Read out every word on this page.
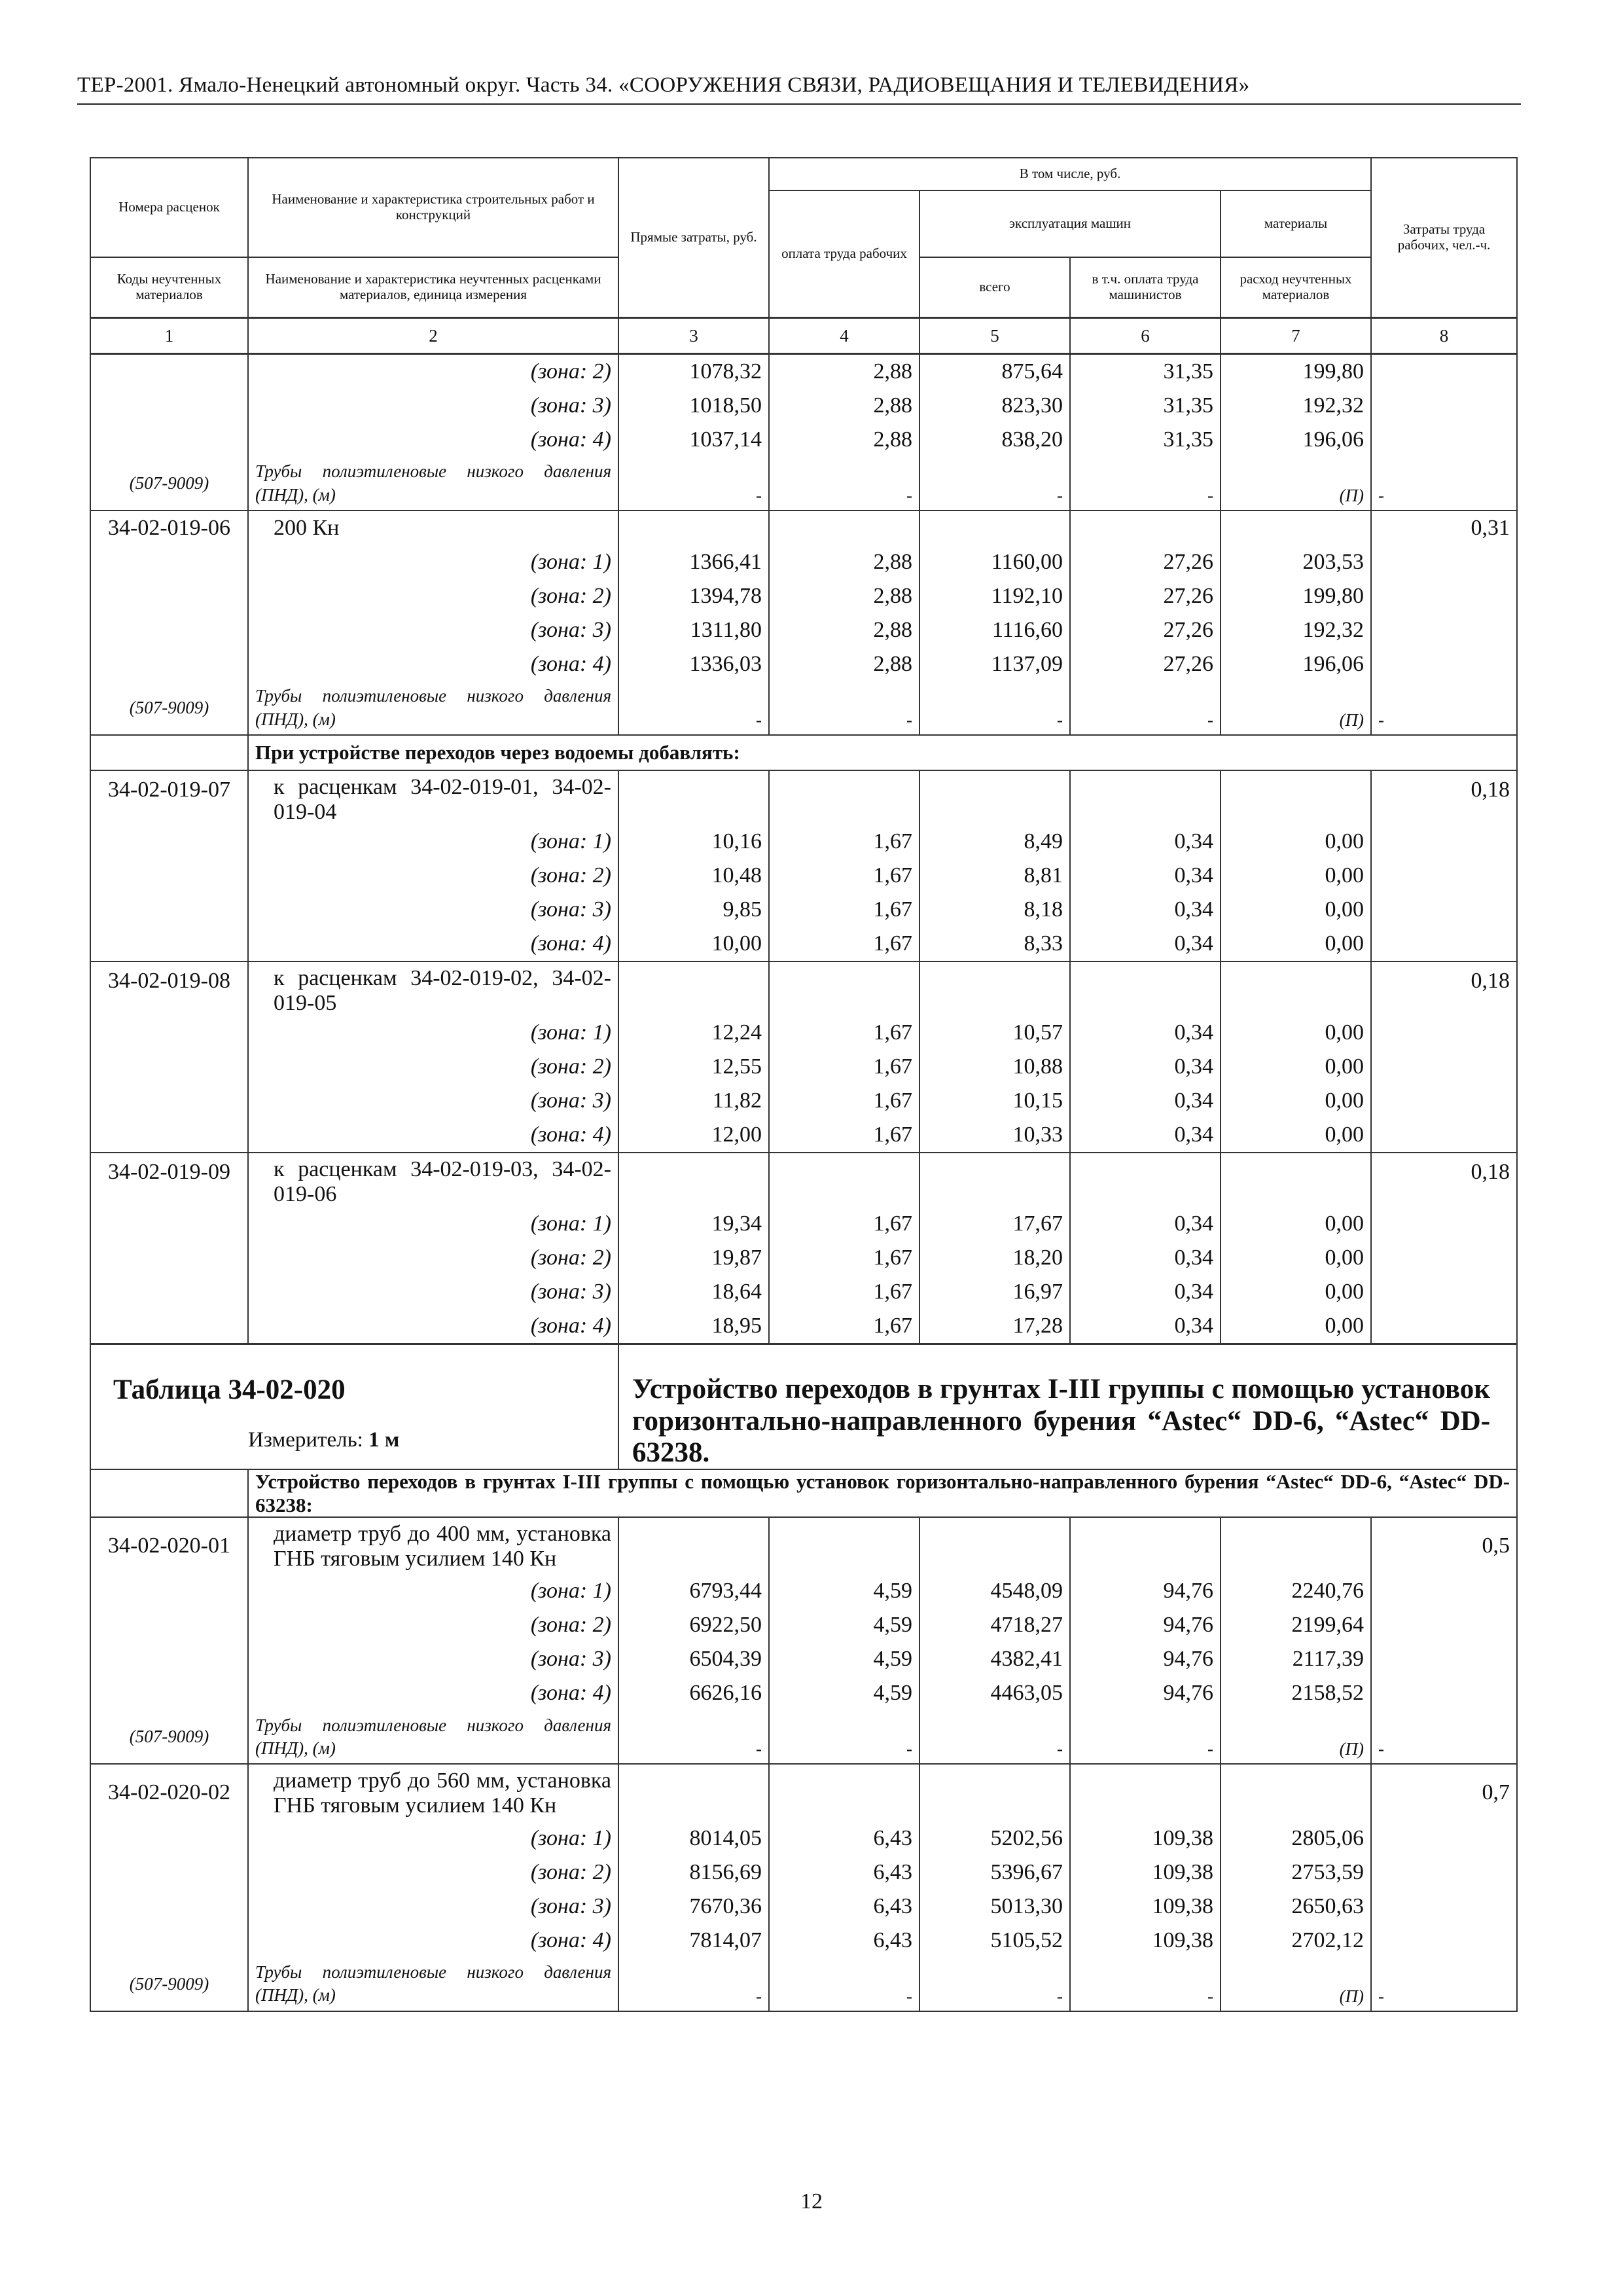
ТЕР-2001. Ямало-Ненецкий автономный округ. Часть 34. «СООРУЖЕНИЯ СВЯЗИ, РАДИОВЕЩАНИЯ И ТЕЛЕВИДЕНИЯ»
Номера расценок	Наименование и характеристика строительных работ и конструкций	Прямые затраты, руб.	В том числе, руб.				Затраты труда рабочих, чел.-ч.
			оплата труда рабочих	эксплуатация машин		материалы	
Коды неучтенных материалов	Наименование и характеристика неучтенных расценками материалов, единица измерения			всего	в т.ч. оплата труда машинистов	расход неучтенных материалов	
1	2	3	4	5	6	7	8
	(зона: 2)	1078,32	2,88	875,64	31,35	199,80	
	(зона: 3)	1018,50	2,88	823,30	31,35	192,32	
	(зона: 4)	1037,14	2,88	838,20	31,35	196,06	
(507-9009)	Трубы полиэтиленовые низкого давления (ПНД), (м)	-	-	-	-	(П)	-
34-02-019-06	200 Кн						0,31
	(зона: 1)	1366,41	2,88	1160,00	27,26	203,53	
	(зона: 2)	1394,78	2,88	1192,10	27,26	199,80	
	(зона: 3)	1311,80	2,88	1116,60	27,26	192,32	
	(зона: 4)	1336,03	2,88	1137,09	27,26	196,06	
(507-9009)	Трубы полиэтиленовые низкого давления (ПНД), (м)	-	-	-	-	(П)	-
	При устройстве переходов через водоемы добавлять:						
34-02-019-07	к расценкам 34-02-019-01, 34-02-019-04						0,18
	(зона: 1)	10,16	1,67	8,49	0,34	0,00	
	(зона: 2)	10,48	1,67	8,81	0,34	0,00	
	(зона: 3)	9,85	1,67	8,18	0,34	0,00	
	(зона: 4)	10,00	1,67	8,33	0,34	0,00	
34-02-019-08	к расценкам 34-02-019-02, 34-02-019-05						0,18
	(зона: 1)	12,24	1,67	10,57	0,34	0,00	
	(зона: 2)	12,55	1,67	10,88	0,34	0,00	
	(зона: 3)	11,82	1,67	10,15	0,34	0,00	
	(зона: 4)	12,00	1,67	10,33	0,34	0,00	
34-02-019-09	к расценкам 34-02-019-03, 34-02-019-06						0,18
	(зона: 1)	19,34	1,67	17,67	0,34	0,00	
	(зона: 2)	19,87	1,67	18,20	0,34	0,00	
	(зона: 3)	18,64	1,67	16,97	0,34	0,00	
	(зона: 4)	18,95	1,67	17,28	0,34	0,00	

Таблица 34-02-020
Измеритель: 1 м		Устройство переходов в грунтах I-III группы с помощью установок горизонтально-направленного бурения “Astec“ DD-6, “Astec“ DD-63238.					

	Устройство переходов в грунтах I-III группы с помощью установок горизонтально-направленного бурения “Astec“ DD-6, “Astec“ DD-63238:						
34-02-020-01	диаметр труб до 400 мм, установка ГНБ тяговым усилием 140 Кн						0,5
	(зона: 1)	6793,44	4,59	4548,09	94,76	2240,76	
	(зона: 2)	6922,50	4,59	4718,27	94,76	2199,64	
	(зона: 3)	6504,39	4,59	4382,41	94,76	2117,39	
	(зона: 4)	6626,16	4,59	4463,05	94,76	2158,52	
(507-9009)	Трубы полиэтиленовые низкого давления (ПНД), (м)	-	-	-	-	(П)	-
34-02-020-02	диаметр труб до 560 мм, установка ГНБ тяговым усилием 140 Кн						0,7
	(зона: 1)	8014,05	6,43	5202,56	109,38	2805,06	
	(зона: 2)	8156,69	6,43	5396,67	109,38	2753,59	
	(зона: 3)	7670,36	6,43	5013,30	109,38	2650,63	
	(зона: 4)	7814,07	6,43	5105,52	109,38	2702,12	
(507-9009)	Трубы полиэтиленовые низкого давления (ПНД), (м)	-	-	-	-	(П)	-
12
